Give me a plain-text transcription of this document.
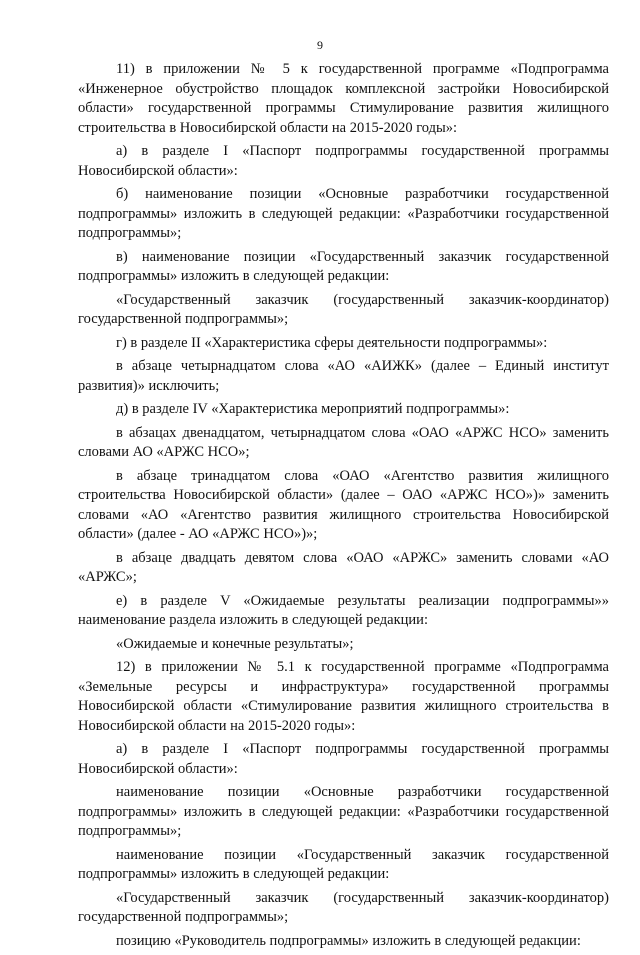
9

11) в приложении № 5 к государственной программе «Подпрограмма «Инженерное обустройство площадок комплексной застройки Новосибирской области» государственной программы Стимулирование развития жилищного строительства в Новосибирской области на 2015-2020 годы»:

а) в разделе I «Паспорт подпрограммы государственной программы Новосибирской области»:

б) наименование позиции «Основные разработчики государственной подпрограммы» изложить в следующей редакции: «Разработчики государственной подпрограммы»;

в) наименование позиции «Государственный заказчик государственной подпрограммы» изложить в следующей редакции:

«Государственный заказчик (государственный заказчик-координатор) государственной подпрограммы»;

г) в разделе II «Характеристика сферы деятельности подпрограммы»:

в абзаце четырнадцатом слова «АО «АИЖК» (далее – Единый институт развития)» исключить;

д) в разделе IV «Характеристика мероприятий подпрограммы»:

в абзацах двенадцатом, четырнадцатом слова «ОАО «АРЖС НСО» заменить словами АО «АРЖС НСО»;

в абзаце тринадцатом слова «ОАО «Агентство развития жилищного строительства Новосибирской области» (далее – ОАО «АРЖС НСО»)» заменить словами «АО «Агентство развития жилищного строительства Новосибирской области» (далее - АО «АРЖС НСО»)»;

в абзаце двадцать девятом слова «ОАО «АРЖС» заменить словами «АО «АРЖС»;

е) в разделе V «Ожидаемые результаты реализации подпрограммы»» наименование раздела изложить в следующей редакции:

«Ожидаемые и конечные результаты»;

12) в приложении № 5.1 к государственной программе «Подпрограмма «Земельные ресурсы и инфраструктура» государственной программы Новосибирской области «Стимулирование развития жилищного строительства в Новосибирской области на 2015-2020 годы»:

а) в разделе I «Паспорт подпрограммы государственной программы Новосибирской области»:

наименование позиции «Основные разработчики государственной подпрограммы» изложить в следующей редакции: «Разработчики государственной подпрограммы»;

наименование позиции «Государственный заказчик государственной подпрограммы» изложить в следующей редакции:

«Государственный заказчик (государственный заказчик-координатор) государственной подпрограммы»;

позицию «Руководитель подпрограммы» изложить в следующей редакции:
